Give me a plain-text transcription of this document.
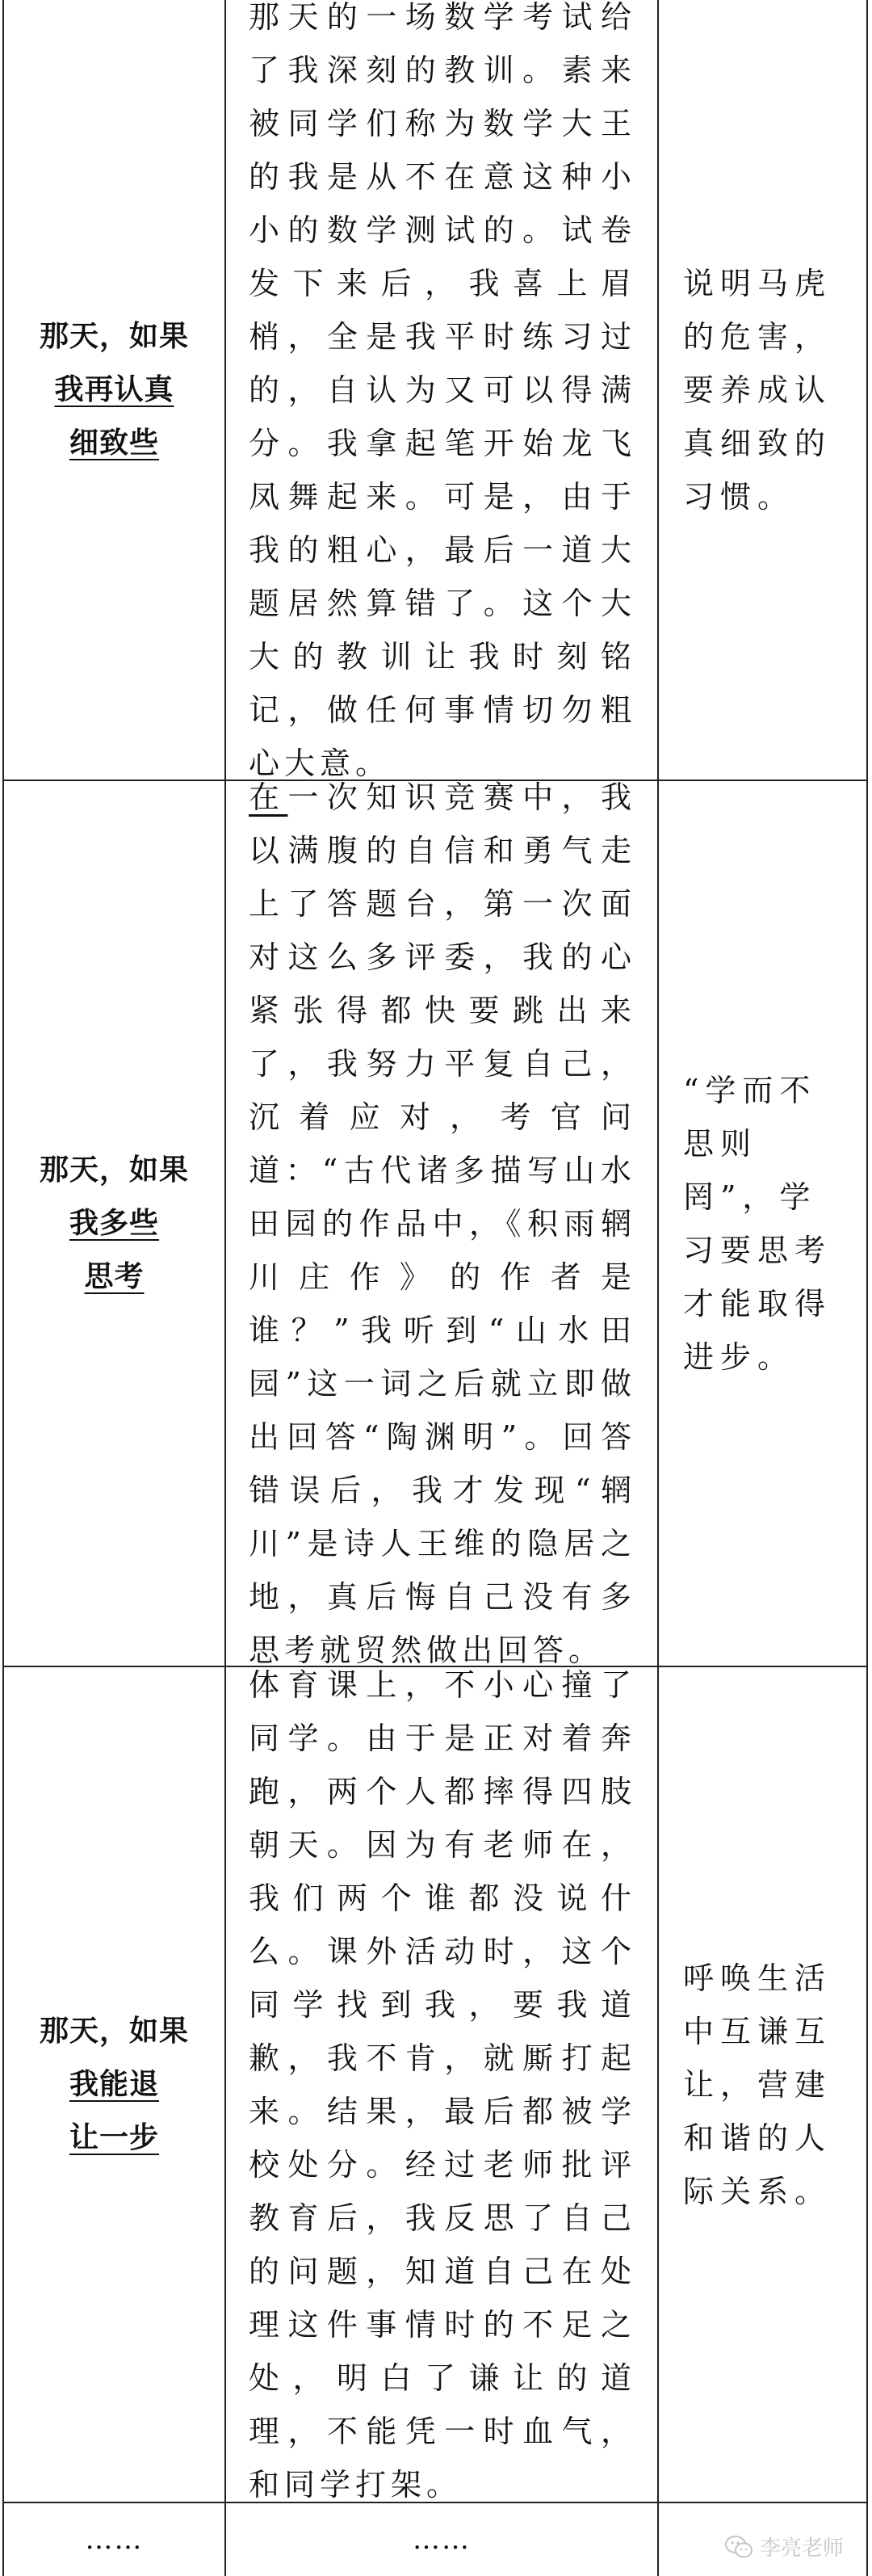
那天，如果
我再认真
细致些
那天的一场数学考试给了我深刻的教训。素来被同学们称为数学大王的我是从不在意这种小小的数学测试的。试卷发下来后，我喜上眉梢，全是我平时练习过的，自认为又可以得满分。我拿起笔开始龙飞凤舞起来。可是，由于我的粗心，最后一道大题居然算错了。这个大大的教训让我时刻铭记，做任何事情切勿粗心大意。
说明马虎的危害，要养成认真细致的习惯。
那天，如果
我多些
思考
在一次知识竞赛中，我以满腹的自信和勇气走上了答题台，第一次面对这么多评委，我的心紧张得都快要跳出来了，我努力平复自己，沉着应对，考官问道：“古代诸多描写山水田园的作品中，《积雨辋川庄作》的作者是谁？”我听到“山水田园”这一词之后就立即做出回答“陶渊明”。回答错误后，我才发现“辋川”是诗人王维的隐居之地，真后悔自己没有多思考就贸然做出回答。
“学而不思则罔”，学习要思考才能取得进步。
那天，如果
我能退
让一步
体育课上，不小心撞了同学。由于是正对着奔跑，两个人都摔得四肢朝天。因为有老师在，我们两个谁都没说什么。课外活动时，这个同学找到我，要我道歉，我不肯，就厮打起来。结果，最后都被学校处分。经过老师批评教育后，我反思了自己的问题，知道自己在处理这件事情时的不足之处，明白了谦让的道理，不能凭一时血气，和同学打架。
呼唤生活中互谦互让，营建和谐的人际关系。
……	……	李亮老师
